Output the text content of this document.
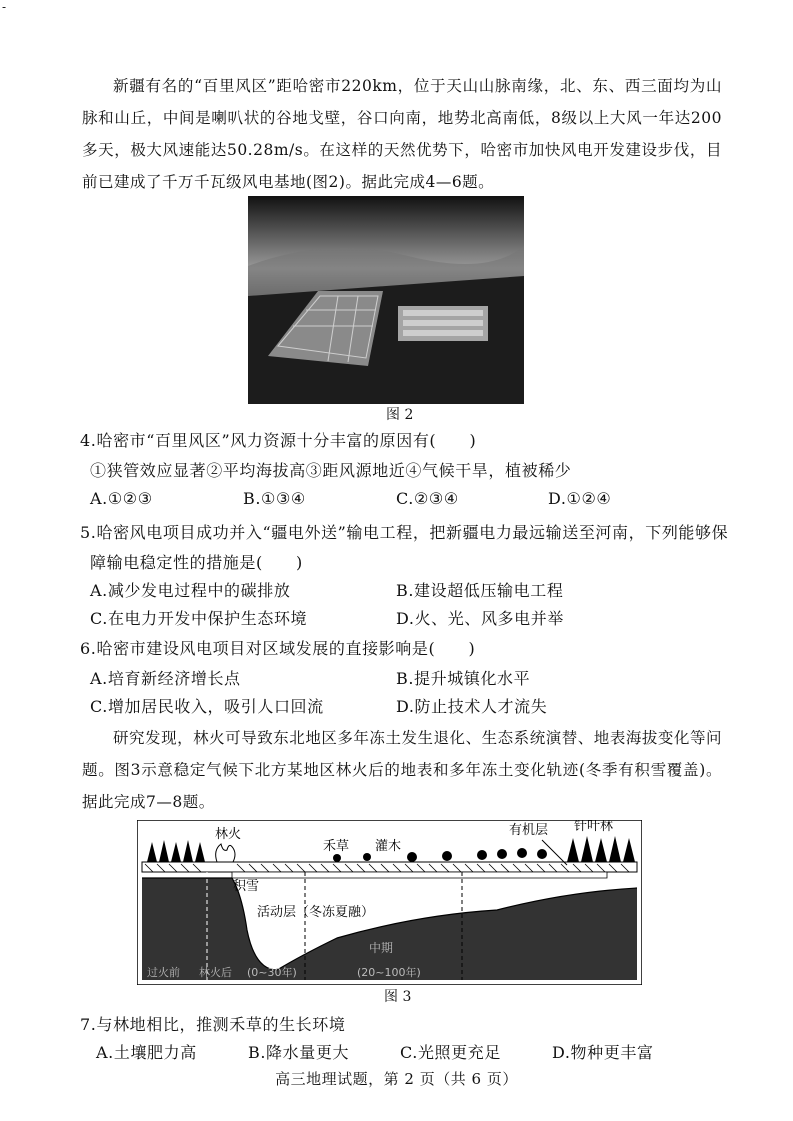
-
新疆有名的“百里风区”距哈密市220km，位于天山山脉南缘，北、东、西三面均为山脉和山丘，中间是喇叭状的谷地戈壁，谷口向南，地势北高南低，8级以上大风一年达200多天，极大风速能达50.28m/s。在这样的天然优势下，哈密市加快风电开发建设步伐，目前已建成了千万千瓦级风电基地(图2)。据此完成4—6题。
图 2
4.哈密市“百里风区”风力资源十分丰富的原因有(　　)
①狭管效应显著②平均海拔高③距风源地近④气候干旱，植被稀少
A.①②③	B.①③④	C.②③④	D.①②④
5.哈密风电项目成功并入“疆电外送”输电工程，把新疆电力最远输送至河南，下列能够保
障输电稳定性的措施是(　　)
A.减少发电过程中的碳排放	B.建设超低压输电工程
C.在电力开发中保护生态环境	D.火、光、风多电并举
6.哈密市建设风电项目对区域发展的直接影响是(　　)
A.培育新经济增长点	B.提升城镇化水平
C.增加居民收入，吸引人口回流	D.防止技术人才流失
研究发现，林火可导致东北地区多年冻土发生退化、生态系统演替、地表海拔变化等问题。图3示意稳定气候下北方某地区林火后的地表和多年冻土变化轨迹(冬季有积雪覆盖)。据此完成7—8题。
林火
禾草 灌木
有机层 针叶林
积雪
活动层（冬冻夏融）
近期	中期
过火前 林火后 (0~30年)	(20~100年)
图 3
7.与林地相比，推测禾草的生长环境
A.土壤肥力高	B.降水量更大	C.光照更充足	D.物种更丰富
高三地理试题，第 2 页（共 6 页）
